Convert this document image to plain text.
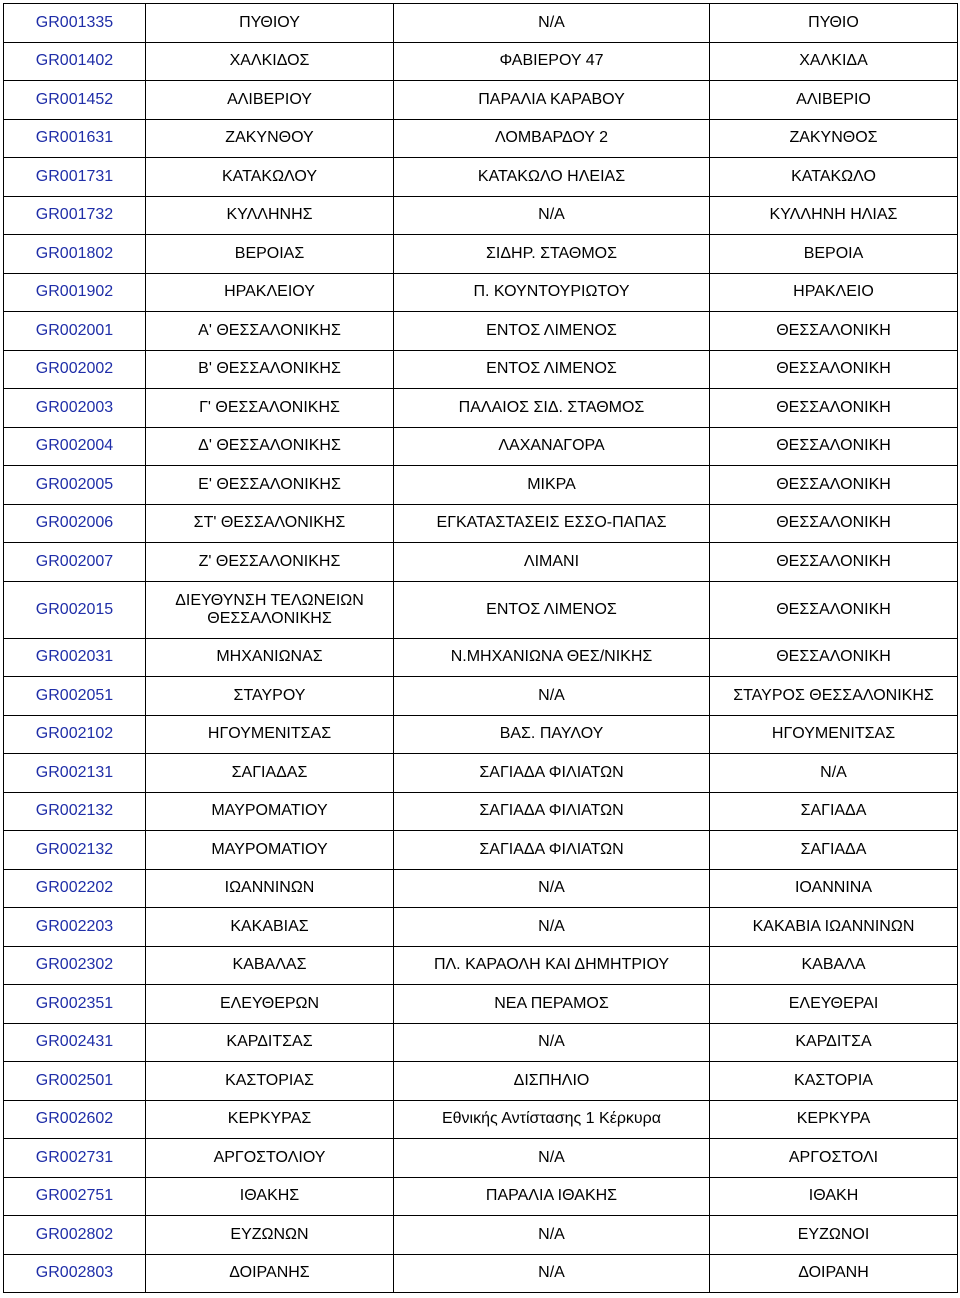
GR001335	ΠΥΘΙΟΥ	N/A	ΠΥΘΙΟ
GR001402	ΧΑΛΚΙΔΟΣ	ΦΑΒΙΕΡΟΥ 47	ΧΑΛΚΙΔΑ
GR001452	ΑΛΙΒΕΡΙΟΥ	ΠΑΡΑΛΙΑ ΚΑΡΑΒΟΥ	ΑΛΙΒΕΡΙΟ
GR001631	ΖΑΚΥΝΘΟΥ	ΛΟΜΒΑΡΔΟΥ 2	ΖΑΚΥΝΘΟΣ
GR001731	ΚΑΤΑΚΩΛΟΥ	ΚΑΤΑΚΩΛΟ ΗΛΕΙΑΣ	ΚΑΤΑΚΩΛΟ
GR001732	ΚΥΛΛΗΝΗΣ	N/A	ΚΥΛΛΗΝΗ ΗΛΙΑΣ
GR001802	ΒΕΡΟΙΑΣ	ΣΙΔΗΡ. ΣΤΑΘΜΟΣ	ΒΕΡΟΙΑ
GR001902	ΗΡΑΚΛΕΙΟΥ	Π. ΚΟΥΝΤΟΥΡΙΩΤΟΥ	ΗΡΑΚΛΕΙΟ
GR002001	Α' ΘΕΣΣΑΛΟΝΙΚΗΣ	ΕΝΤΟΣ ΛΙΜΕΝΟΣ	ΘΕΣΣΑΛΟΝΙΚΗ
GR002002	Β' ΘΕΣΣΑΛΟΝΙΚΗΣ	ΕΝΤΟΣ ΛΙΜΕΝΟΣ	ΘΕΣΣΑΛΟΝΙΚΗ
GR002003	Γ' ΘΕΣΣΑΛΟΝΙΚΗΣ	ΠΑΛΑΙΟΣ ΣΙΔ. ΣΤΑΘΜΟΣ	ΘΕΣΣΑΛΟΝΙΚΗ
GR002004	Δ' ΘΕΣΣΑΛΟΝΙΚΗΣ	ΛΑΧΑΝΑΓΟΡΑ	ΘΕΣΣΑΛΟΝΙΚΗ
GR002005	Ε' ΘΕΣΣΑΛΟΝΙΚΗΣ	ΜΙΚΡΑ	ΘΕΣΣΑΛΟΝΙΚΗ
GR002006	ΣΤ' ΘΕΣΣΑΛΟΝΙΚΗΣ	ΕΓΚΑΤΑΣΤΑΣΕΙΣ ΕΣΣΟ-ΠΑΠΑΣ	ΘΕΣΣΑΛΟΝΙΚΗ
GR002007	Ζ' ΘΕΣΣΑΛΟΝΙΚΗΣ	ΛΙΜΑΝΙ	ΘΕΣΣΑΛΟΝΙΚΗ
GR002015	ΔΙΕΥΘΥΝΣΗ ΤΕΛΩΝΕΙΩΝ ΘΕΣΣΑΛΟΝΙΚΗΣ	ΕΝΤΟΣ ΛΙΜΕΝΟΣ	ΘΕΣΣΑΛΟΝΙΚΗ
GR002031	ΜΗΧΑΝΙΩΝΑΣ	Ν.ΜΗΧΑΝΙΩΝΑ ΘΕΣ/ΝΙΚΗΣ	ΘΕΣΣΑΛΟΝΙΚΗ
GR002051	ΣΤΑΥΡΟΥ	N/A	ΣΤΑΥΡΟΣ ΘΕΣΣΑΛΟΝΙΚΗΣ
GR002102	ΗΓΟΥΜΕΝΙΤΣΑΣ	ΒΑΣ. ΠΑΥΛΟΥ	ΗΓΟΥΜΕΝΙΤΣΑΣ
GR002131	ΣΑΓΙΑΔΑΣ	ΣΑΓΙΑΔΑ ΦΙΛΙΑΤΩΝ	N/A
GR002132	ΜΑΥΡΟΜΑΤΙΟΥ	ΣΑΓΙΑΔΑ ΦΙΛΙΑΤΩΝ	ΣΑΓΙΑΔΑ
GR002132	ΜΑΥΡΟΜΑΤΙΟΥ	ΣΑΓΙΑΔΑ ΦΙΛΙΑΤΩΝ	ΣΑΓΙΑΔΑ
GR002202	ΙΩΑΝΝΙΝΩΝ	N/A	ΙΟΑΝΝΙΝΑ
GR002203	ΚΑΚΑΒΙΑΣ	N/A	ΚΑΚΑΒΙΑ ΙΩΑΝΝΙΝΩΝ
GR002302	ΚΑΒΑΛΑΣ	ΠΛ. ΚΑΡΑΟΛΗ ΚΑΙ ΔΗΜΗΤΡΙΟΥ	ΚΑΒΑΛΑ
GR002351	ΕΛΕΥΘΕΡΩΝ	ΝΕΑ ΠΕΡΑΜΟΣ	ΕΛΕΥΘΕΡΑΙ
GR002431	ΚΑΡΔΙΤΣΑΣ	N/A	ΚΑΡΔΙΤΣΑ
GR002501	ΚΑΣΤΟΡΙΑΣ	ΔΙΣΠΗΛΙΟ	ΚΑΣΤΟΡΙΑ
GR002602	ΚΕΡΚΥΡΑΣ	Εθνικής Αντίστασης 1 Κέρκυρα	ΚΕΡΚΥΡΑ
GR002731	ΑΡΓΟΣΤΟΛΙΟΥ	N/A	ΑΡΓΟΣΤΟΛΙ
GR002751	ΙΘΑΚΗΣ	ΠΑΡΑΛΙΑ ΙΘΑΚΗΣ	ΙΘΑΚΗ
GR002802	ΕΥΖΩΝΩΝ	N/A	ΕΥΖΩΝΟΙ
GR002803	ΔΟΙΡΑΝΗΣ	N/A	ΔΟΙΡΑΝΗ
